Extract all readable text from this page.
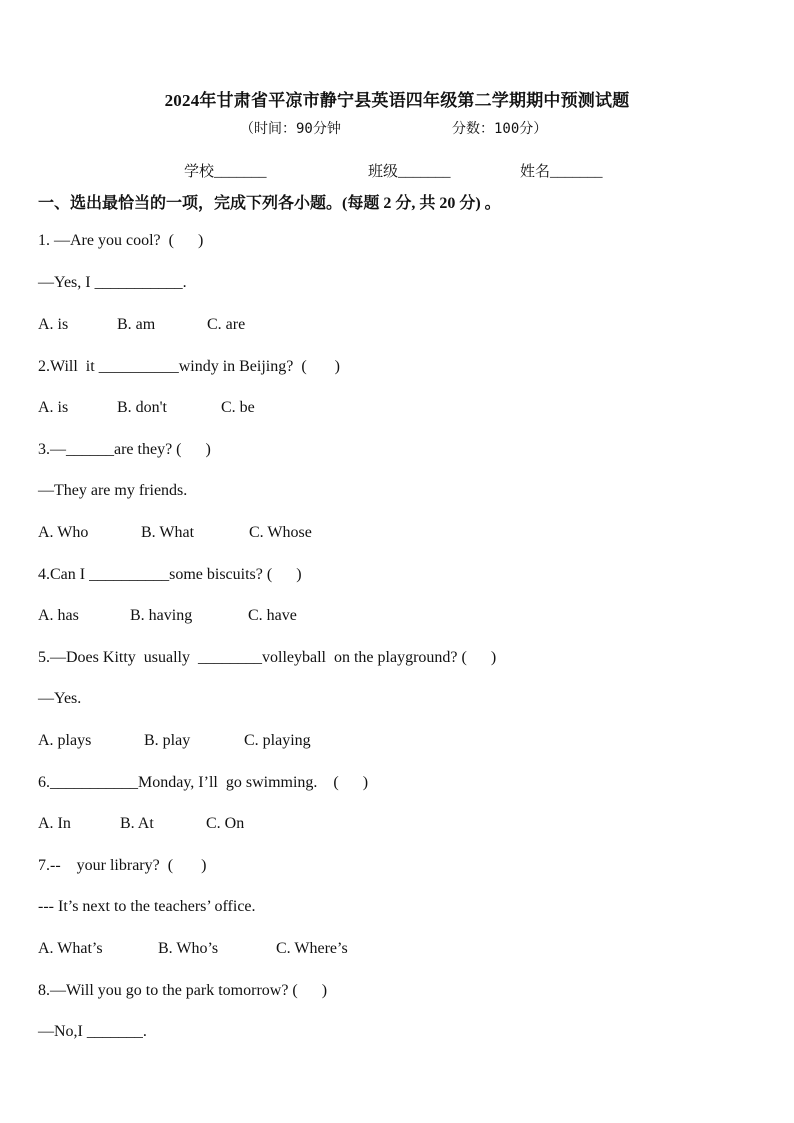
2024年甘肃省平凉市静宁县英语四年级第二学期期中预测试题
（时间：90分钟	分数：100分）
学校_______	班级_______	姓名_______
一、选出最恰当的一项，完成下列各小题。(每题 2 分, 共 20 分) 。
1. —Are you cool?  (      )
—Yes, I ___________.
A. is	B. am	C. are
2.Will  it __________windy in Beijing?  (       )
A. is	B. don't	C. be
3.—______are they? (      )
—They are my friends.
A. Who	B. What	C. Whose
4.Can I __________some biscuits? (      )
A. has	B. having	C. have
5.—Does Kitty  usually  ________volleyball  on the playground? (      )
—Yes.
A. plays	B. play	C. playing
6.___________Monday, I’ll  go swimming.    (      )
A. In	B. At	C. On
7.--    your library?  (       )
--- It’s next to the teachers’ office.
A. What’s	B. Who’s	C. Where’s
8.—Will you go to the park tomorrow? (      )
—No,I _______.
